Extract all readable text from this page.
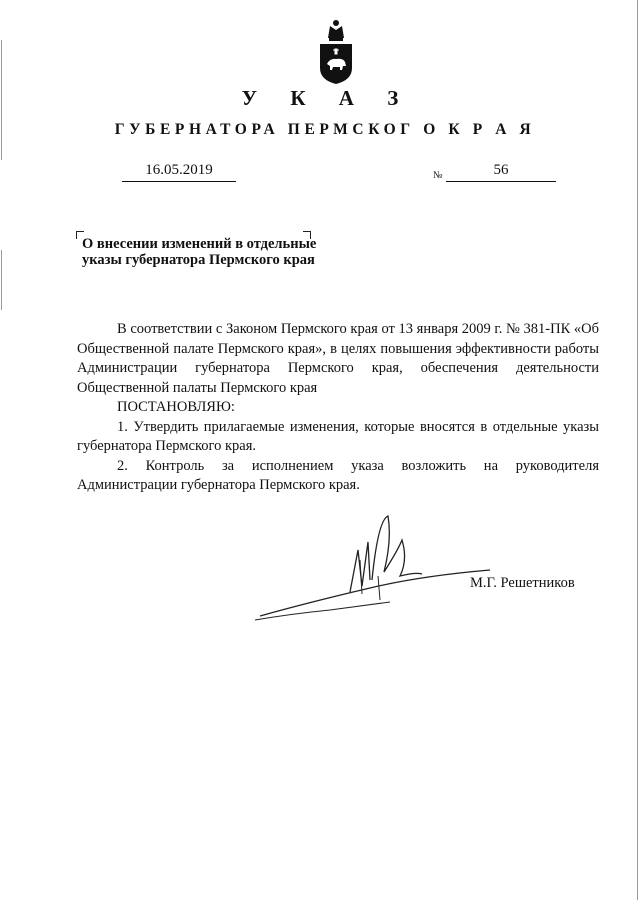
У К А З
ГУБЕРНАТОРА ПЕРМСКОГ О К Р А Я
16.05.2019	№	56
О внесении изменений в отдельные
указы губернатора Пермского края

В соответствии с Законом Пермского края от 13 января 2009 г. № 381-ПК «Об Общественной палате Пермского края», в целях повышения эффективности работы Администрации губернатора Пермского края, обеспечения деятельности Общественной палаты Пермского края

ПОСТАНОВЛЯЮ:

1. Утвердить прилагаемые изменения, которые вносятся в отдельные указы губернатора Пермского края.

2. Контроль за исполнением указа возложить на руководителя Администрации губернатора Пермского края.

М.Г. Решетников
